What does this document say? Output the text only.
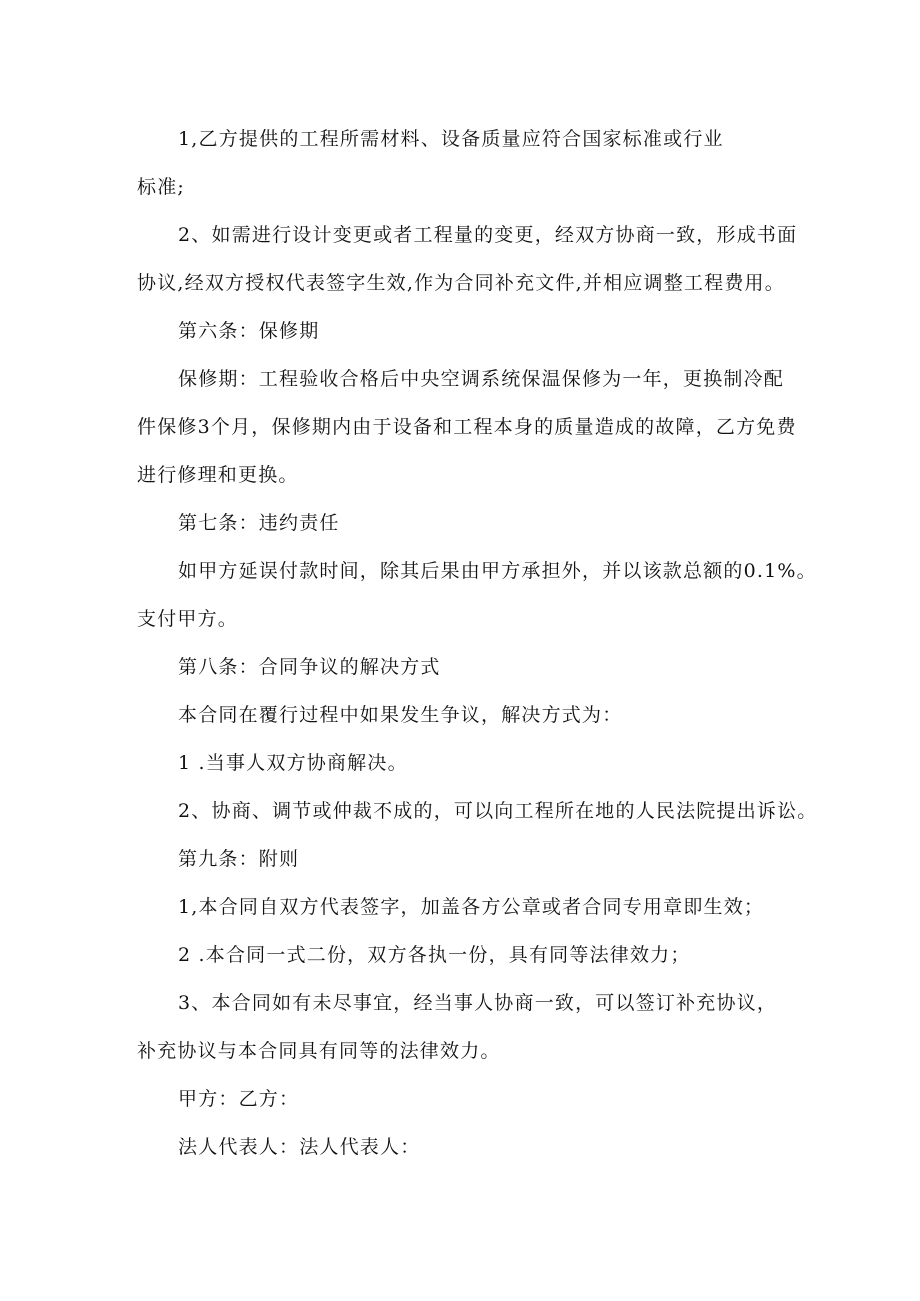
1,乙方提供的工程所需材料、设备质量应符合国家标准或行业
标准;
2、如需进行设计变更或者工程量的变更，经双方协商一致，形成书面
协议,经双方授权代表签字生效,作为合同补充文件,并相应调整工程费用。
第六条：保修期
保修期：工程验收合格后中央空调系统保温保修为一年，更换制冷配
件保修3个月，保修期内由于设备和工程本身的质量造成的故障，乙方免费
进行修理和更换。
第七条：违约责任
如甲方延误付款时间，除其后果由甲方承担外，并以该款总额的0.1%。
支付甲方。
第八条：合同争议的解决方式
本合同在覆行过程中如果发生争议，解决方式为：
1 .当事人双方协商解决。
2、协商、调节或仲裁不成的，可以向工程所在地的人民法院提出诉讼。
第九条：附则
1,本合同自双方代表签字，加盖各方公章或者合同专用章即生效；
2 .本合同一式二份，双方各执一份，具有同等法律效力；
3、本合同如有未尽事宜，经当事人协商一致，可以签订补充协议，
补充协议与本合同具有同等的法律效力。
甲方：乙方：
法人代表人：法人代表人：
